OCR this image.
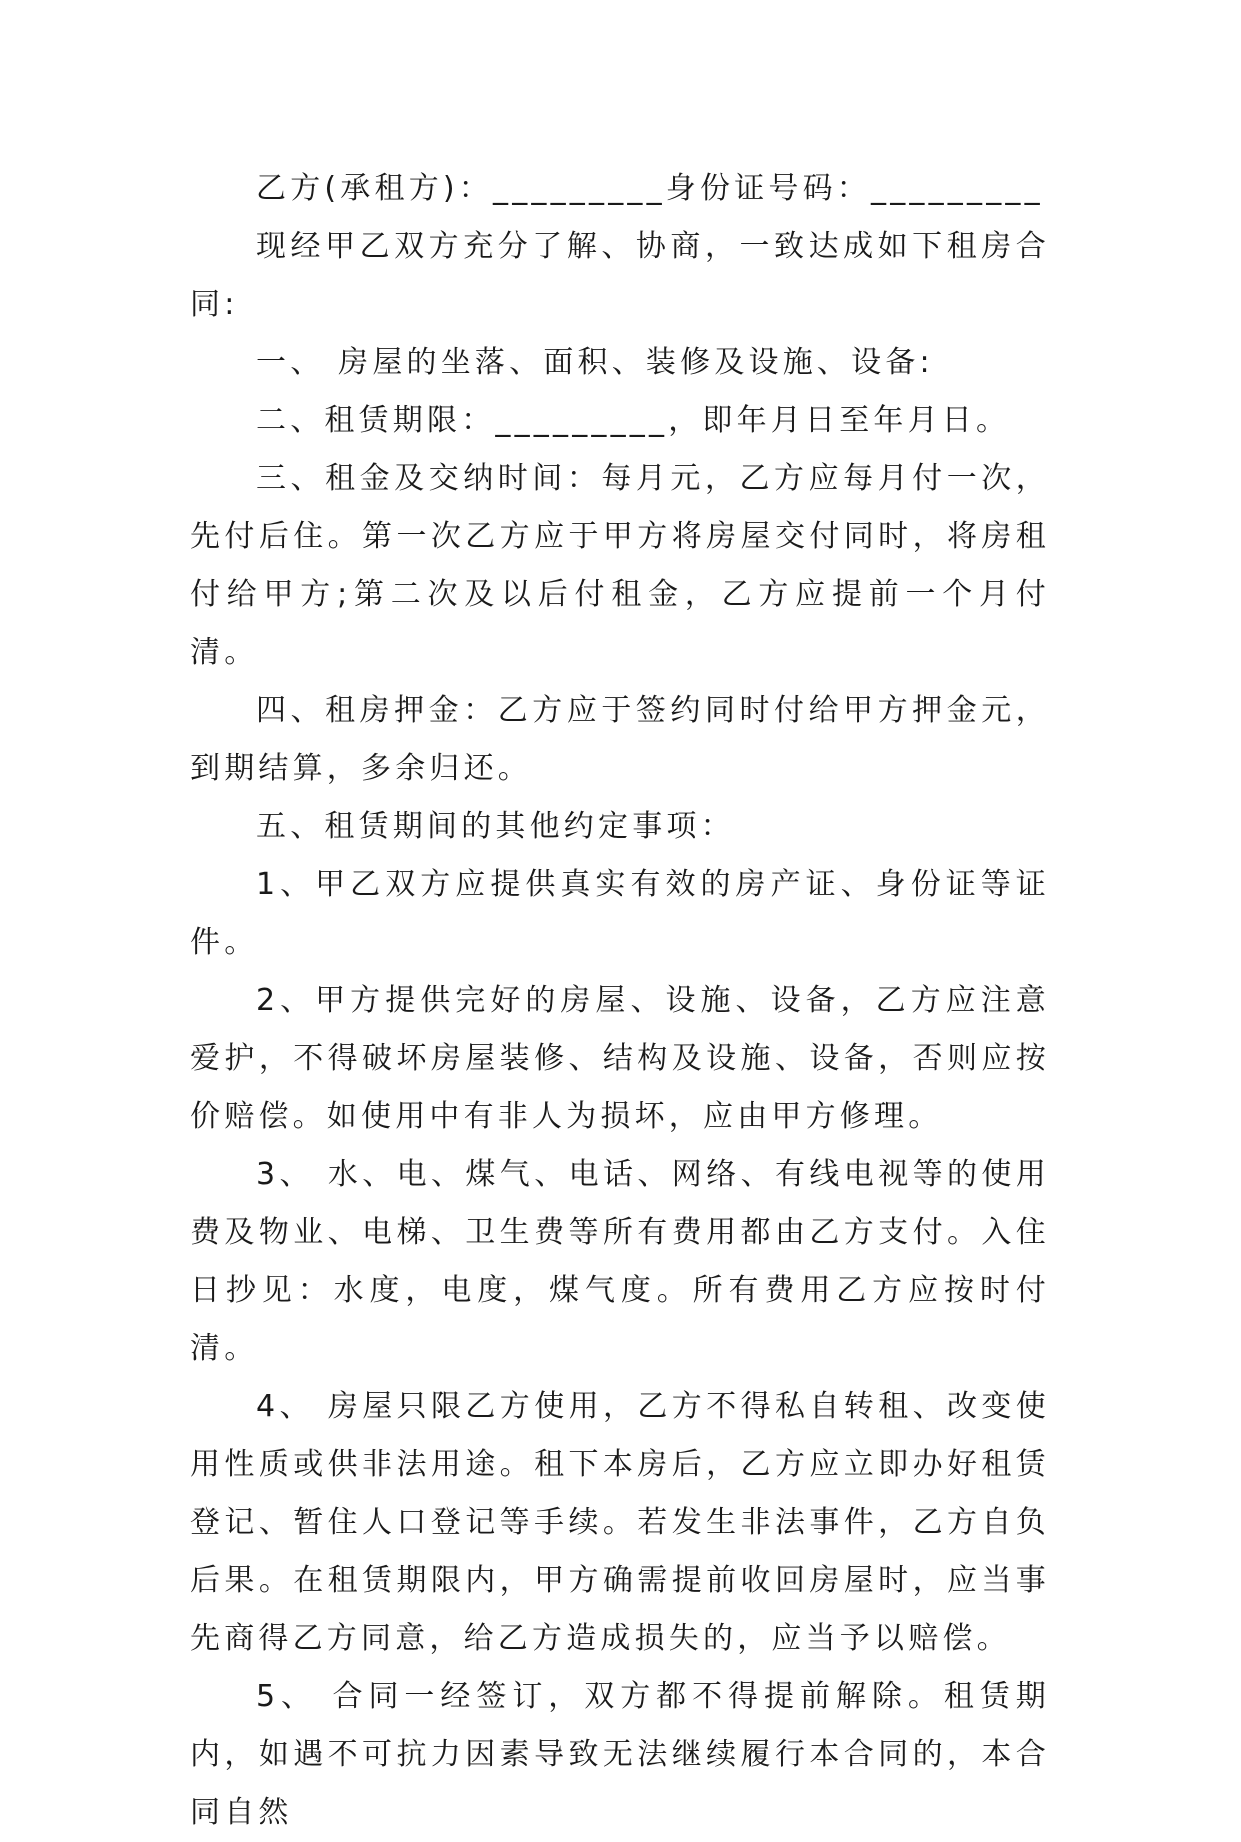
乙方(承租方)：_________身份证号码：_________

现经甲乙双方充分了解、协商，一致达成如下租房合同:

一、 房屋的坐落、面积、装修及设施、设备:

二、租赁期限：_________，即年月日至年月日。

三、租金及交纳时间：每月元，乙方应每月付一次，先付后住。第一次乙方应于甲方将房屋交付同时，将房租付给甲方;第二次及以后付租金，乙方应提前一个月付清。

四、租房押金：乙方应于签约同时付给甲方押金元，到期结算，多余归还。

五、租赁期间的其他约定事项：

1、甲乙双方应提供真实有效的房产证、身份证等证件。

2、甲方提供完好的房屋、设施、设备，乙方应注意爱护，不得破坏房屋装修、结构及设施、设备，否则应按价赔偿。如使用中有非人为损坏，应由甲方修理。

3、 水、电、煤气、电话、网络、有线电视等的使用费及物业、电梯、卫生费等所有费用都由乙方支付。入住日抄见：水度，电度，煤气度。所有费用乙方应按时付清。

4、 房屋只限乙方使用，乙方不得私自转租、改变使用性质或供非法用途。租下本房后，乙方应立即办好租赁登记、暂住人口登记等手续。若发生非法事件，乙方自负后果。在租赁期限内，甲方确需提前收回房屋时，应当事先商得乙方同意，给乙方造成损失的，应当予以赔偿。

5、 合同一经签订，双方都不得提前解除。租赁期内，如遇不可抗力因素导致无法继续履行本合同的，本合同自然
